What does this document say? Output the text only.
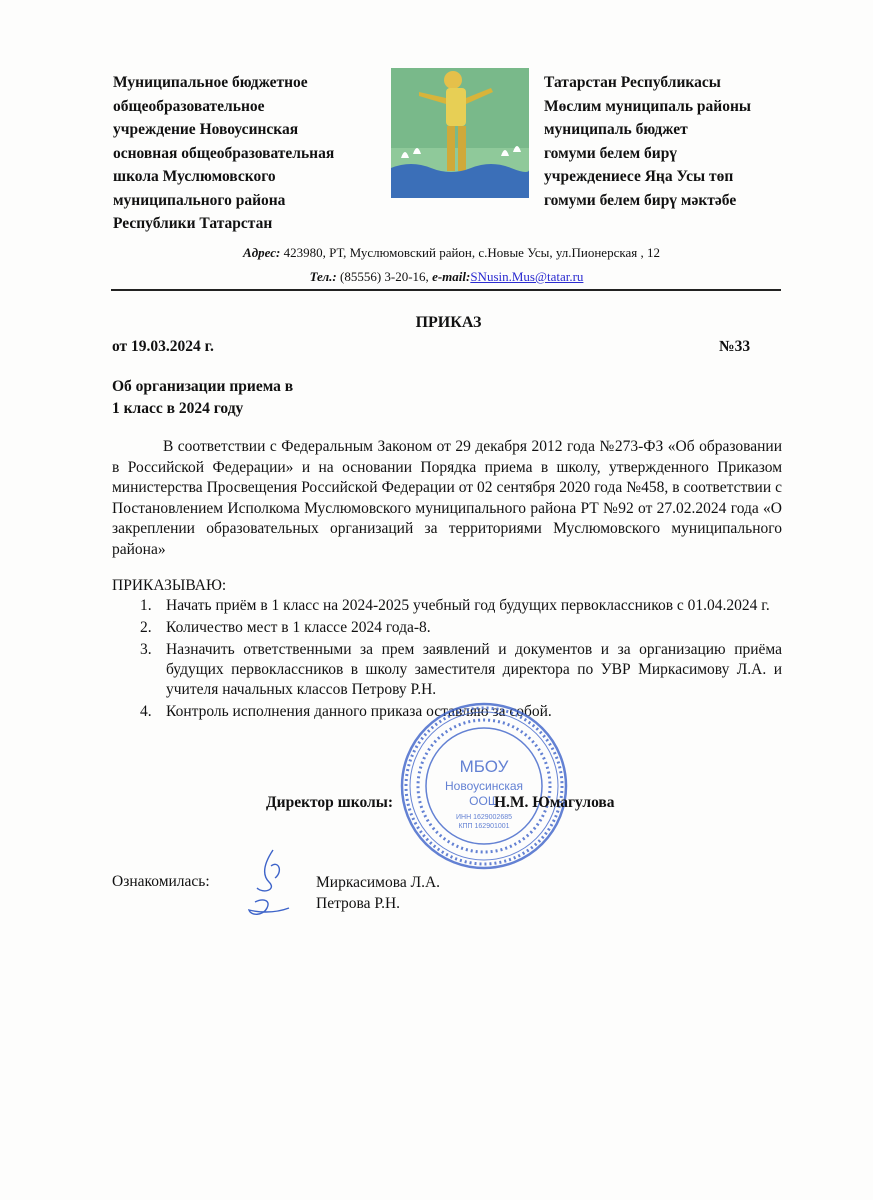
Муниципальное бюджетное
общеобразовательное
учреждение Новоусинская
основная общеобразовательная
школа Муслюмовского
муниципального района
Республики Татарстан
Татарстан Республикасы
Мөслим муниципаль районы
муниципаль бюджет
гомуми белем бирү
учреждениесе Яңа Усы төп
гомуми белем бирү мәктәбе
Адрес: 423980, РТ, Муслюмовский район, с.Новые Усы, ул.Пионерская , 12
Тел.: (85556) 3-20-16, e-mail:SNusin.Mus@tatar.ru
ПРИКАЗ
от 19.03.2024 г.	№33
Об организации приема в
1 класс в 2024 году
В соответствии с Федеральным Законом от 29 декабря 2012 года №273-ФЗ «Об образовании в Российской Федерации» и на основании Порядка приема в школу, утвержденного Приказом министерства Просвещения Российской Федерации от 02 сентября 2020 года №458, в соответствии с Постановлением Исполкома Муслюмовского муниципального района РТ №92 от 27.02.2024 года «О закреплении образовательных организаций за территориями Муслюмовского муниципального района»
ПРИКАЗЫВАЮ:
1. Начать приём в 1 класс на 2024-2025 учебный год будущих первоклассников с 01.04.2024 г.
2. Количество мест в 1 классе 2024 года-8.
3. Назначить ответственными за прем заявлений и документов и за организацию приёма будущих первоклассников в школу заместителя директора по УВР Миркасимову Л.А. и учителя начальных классов Петрову Р.Н.
4. Контроль исполнения данного приказа оставляю за собой.
МБОУ
Новоусинская
ООШ
ИНН 1629002685
КПП 162901001
Директор школы:	Н.М. Юмагулова
Ознакомилась:	Миркасимова Л.А.
Петрова Р.Н.
